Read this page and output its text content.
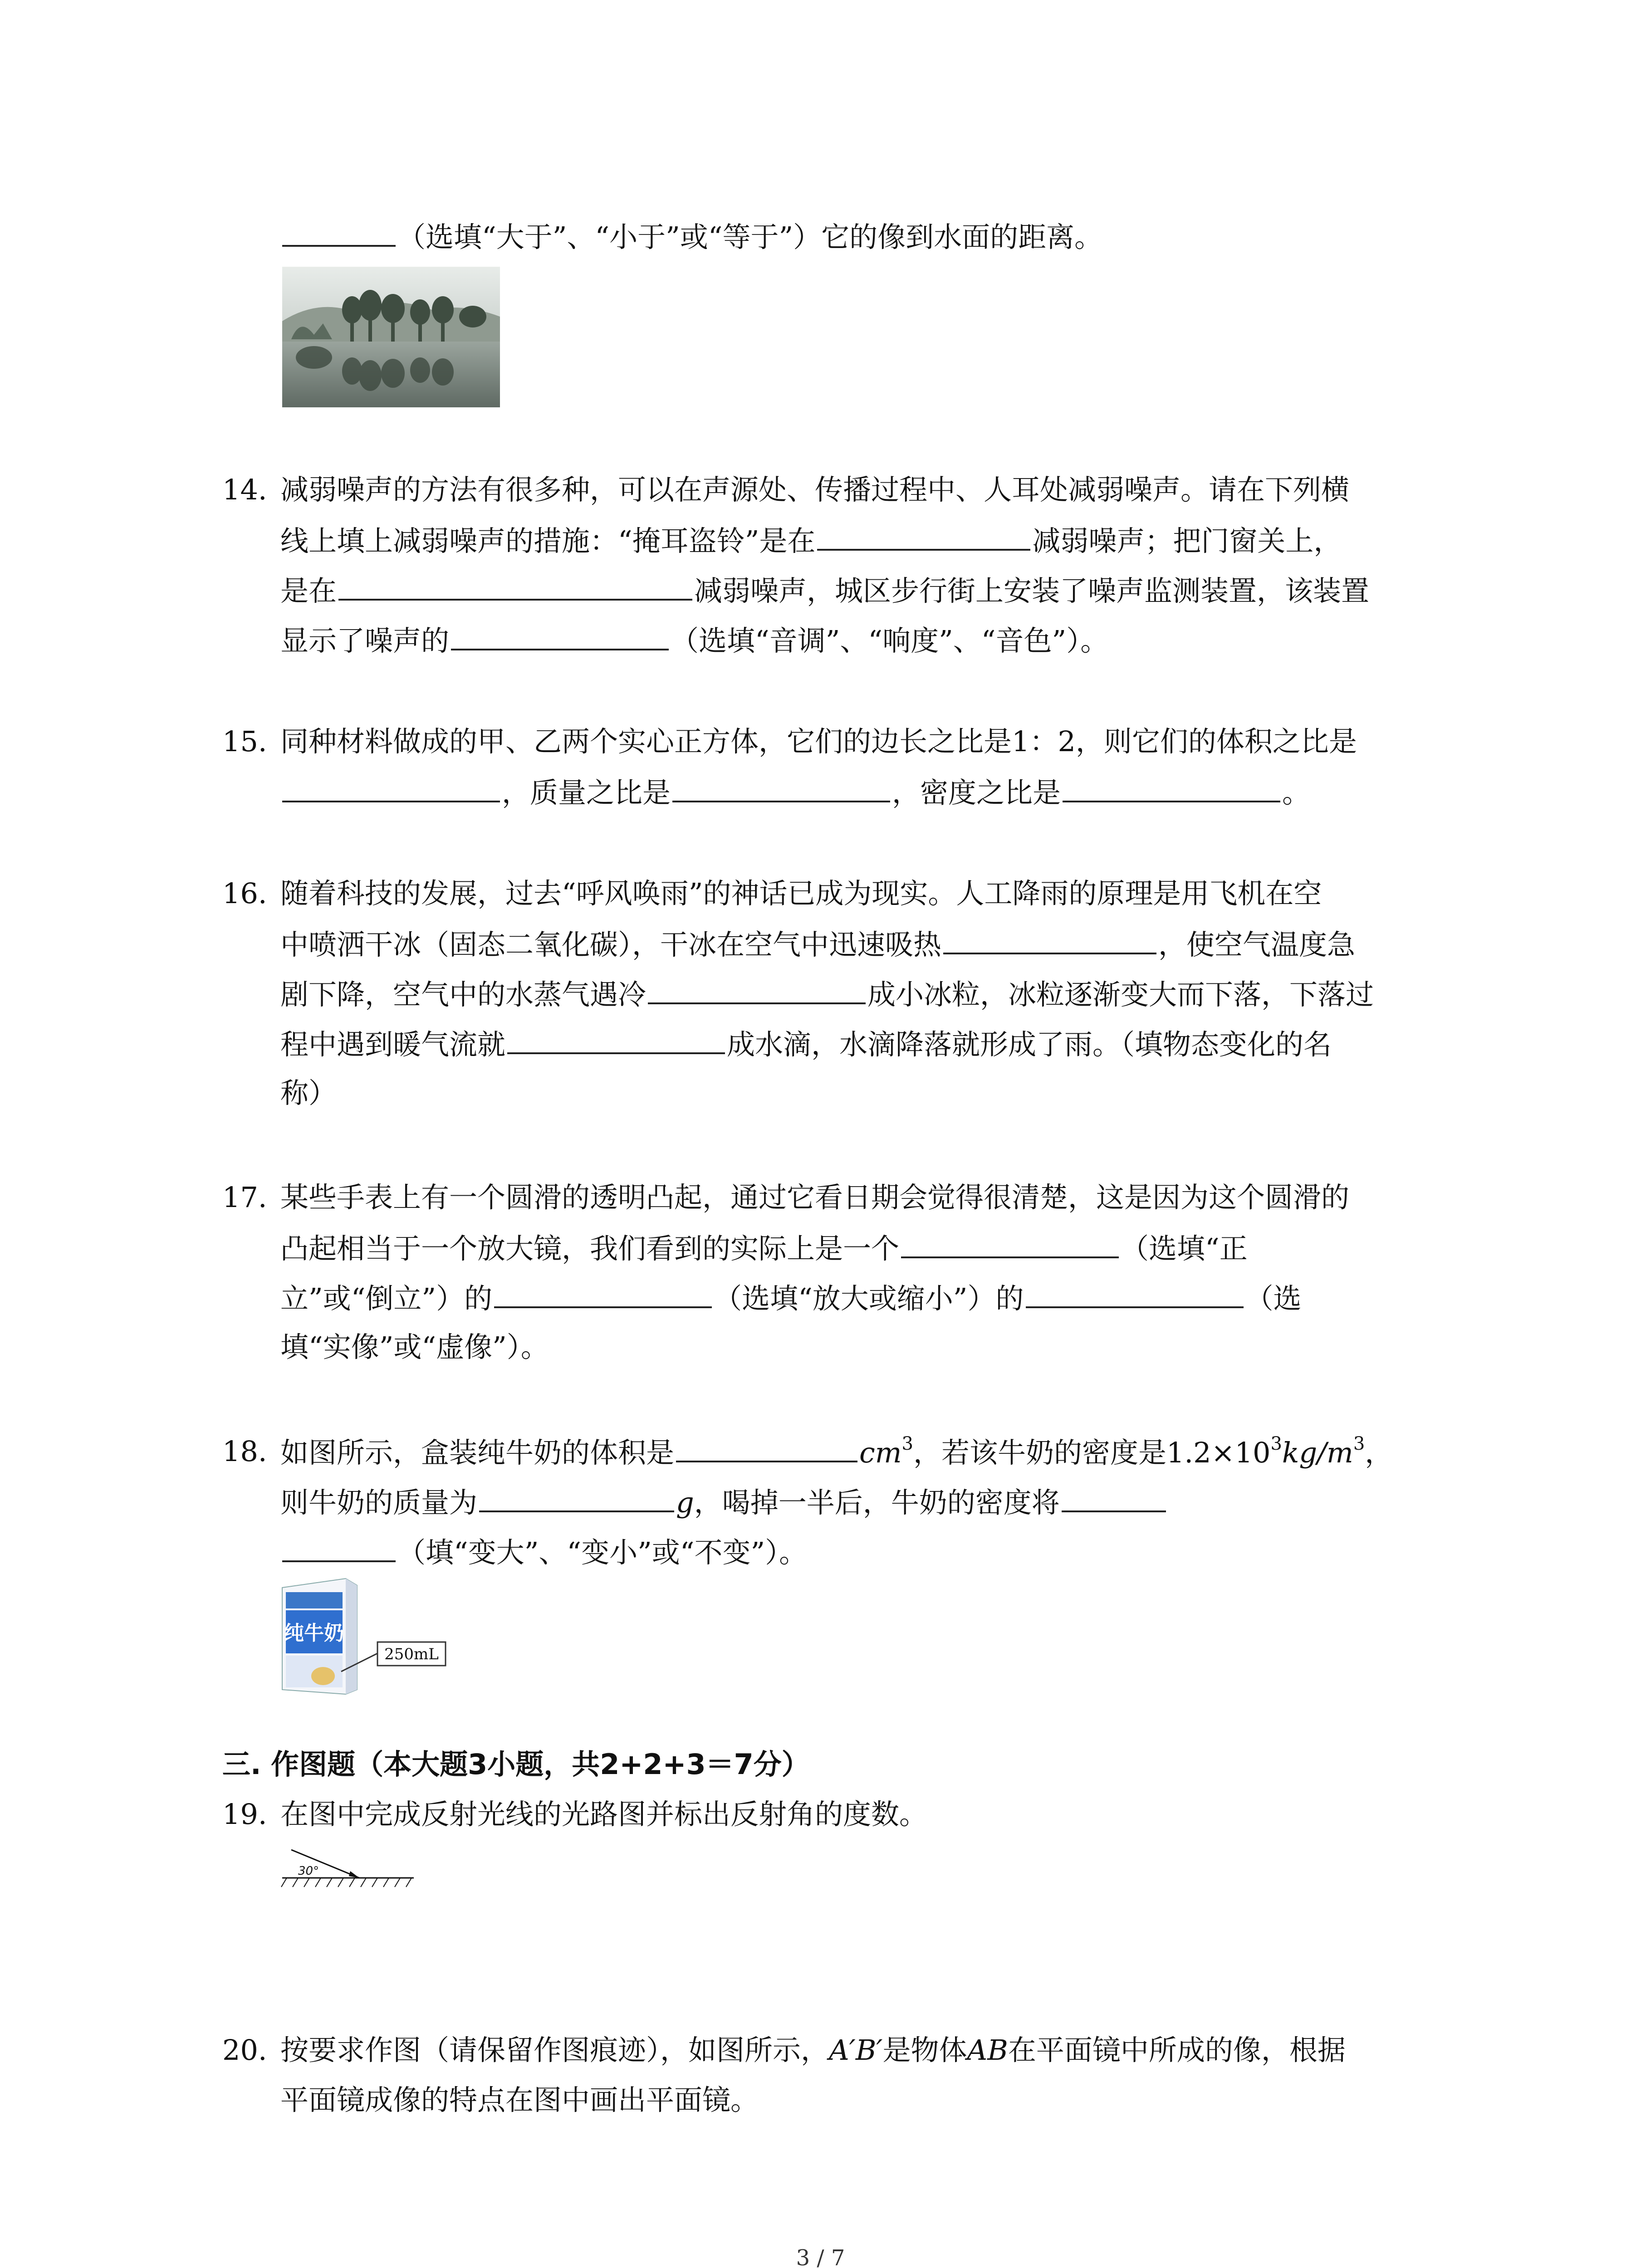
（选填“大于”、“小于”或“等于”）它的像到水面的距离。
14. 减弱噪声的方法有很多种，可以在声源处、传播过程中、人耳处减弱噪声。请在下列横
线上填上减弱噪声的措施：“掩耳盗铃”是在	减弱噪声；把门窗关上，
是在	减弱噪声，城区步行街上安装了噪声监测装置，该装置
显示了噪声的	（选填“音调”、“响度”、“音色”）。
15. 同种材料做成的甲、乙两个实心正方体，它们的边长之比是1：2，则它们的体积之比是
，质量之比是	，密度之比是	。
16. 随着科技的发展，过去“呼风唤雨”的神话已成为现实。人工降雨的原理是用飞机在空
中喷洒干冰（固态二氧化碳），干冰在空气中迅速吸热	，使空气温度急
剧下降，空气中的水蒸气遇冷	成小冰粒，冰粒逐渐变大而下落，下落过
程中遇到暖气流就	成水滴，水滴降落就形成了雨。（填物态变化的名
称）
17. 某些手表上有一个圆滑的透明凸起，通过它看日期会觉得很清楚，这是因为这个圆滑的
凸起相当于一个放大镜，我们看到的实际上是一个	（选填“正
立”或“倒立”）的	（选填“放大或缩小”）的	（选
填“实像”或“虚像”）。
18. 如图所示，盒装纯牛奶的体积是	$cm^3$，若该牛奶的密度是$1.2\times 10^3kg/m^3$，
则牛奶的质量为	g，喝掉一半后，牛奶的密度将
（填“变大”、“变小”或“不变”）。
纯牛奶
250mL
三. 作图题（本大题3小题，共2+2+3＝7分）
19. 在图中完成反射光线的光路图并标出反射角的度数。
30°
20. 按要求作图（请保留作图痕迹），如图所示，A′B′是物体AB在平面镜中所成的像，根据
平面镜成像的特点在图中画出平面镜。
3 / 7
